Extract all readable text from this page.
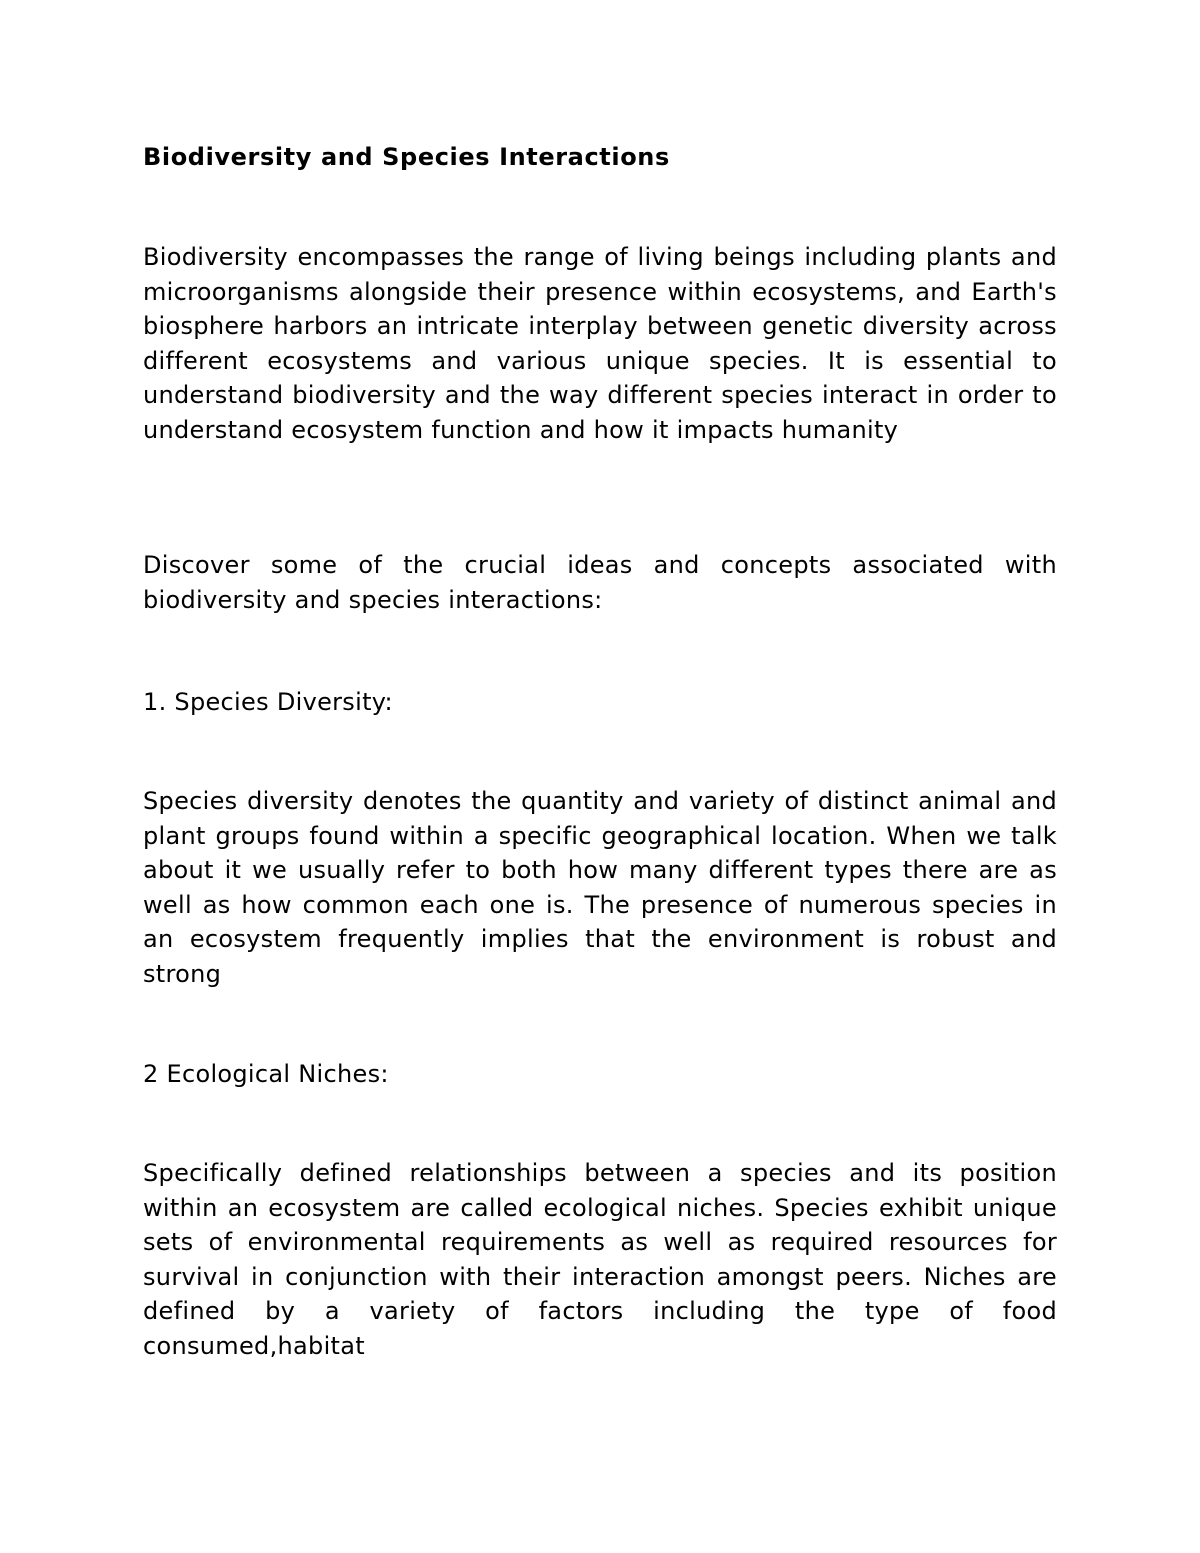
Biodiversity and Species Interactions

Biodiversity encompasses the range of living beings including plants and microorganisms alongside their presence within ecosystems, and Earth's biosphere harbors an intricate interplay between genetic diversity across different ecosystems and various unique species. It is essential to understand biodiversity and the way different species interact in order to understand ecosystem function and how it impacts humanity

Discover some of the crucial ideas and concepts associated with biodiversity and species interactions:

1. Species Diversity:

Species diversity denotes the quantity and variety of distinct animal and plant groups found within a specific geographical location. When we talk about it we usually refer to both how many different types there are as well as how common each one is. The presence of numerous species in an ecosystem frequently implies that the environment is robust and strong

2 Ecological Niches:

Specifically defined relationships between a species and its position within an ecosystem are called ecological niches. Species exhibit unique sets of environmental requirements as well as required resources for survival in conjunction with their interaction amongst peers. Niches are defined by a variety of factors including the type of food consumed,habitat
